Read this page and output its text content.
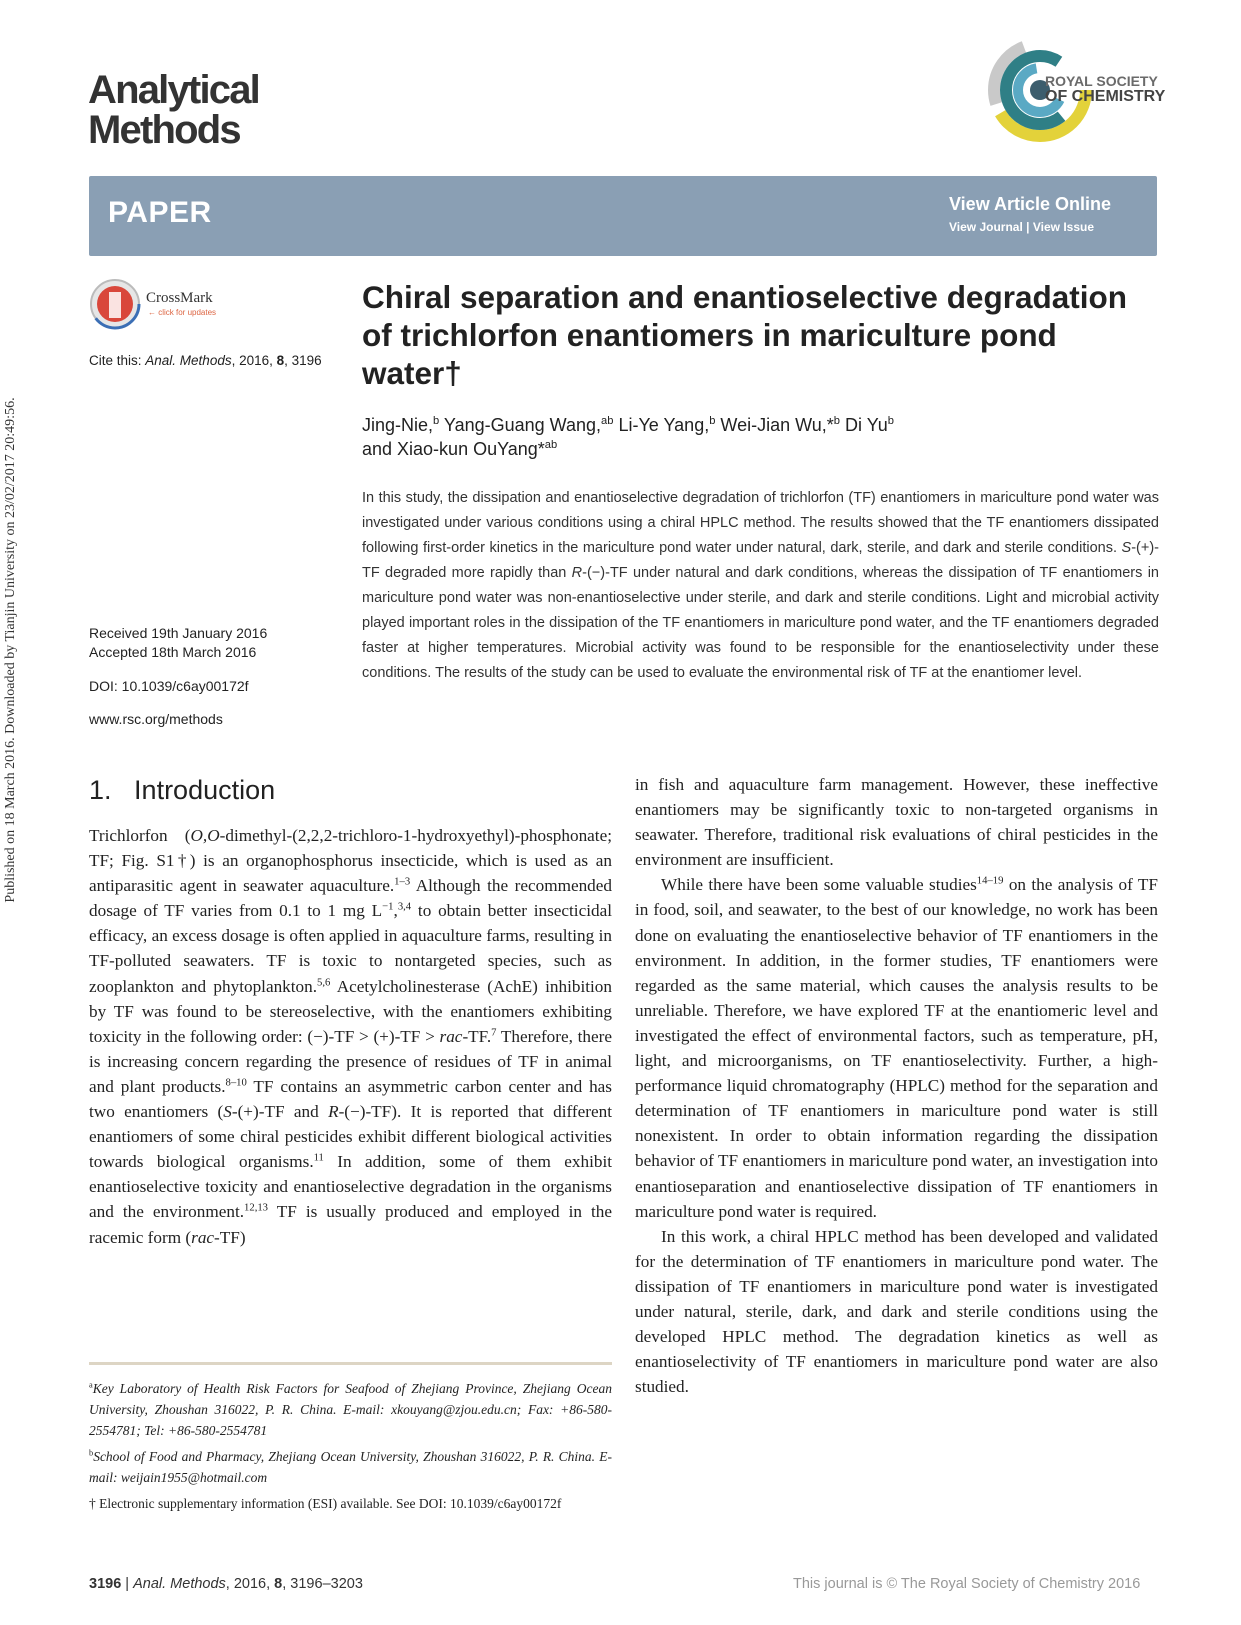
Published on 18 March 2016. Downloaded by Tianjin University on 23/02/2017 20:49:56.
Analytical
Methods
ROYAL SOCIETY
OF CHEMISTRY
PAPER	View Article Online
View Journal | View Issue
CrossMark
← click for updates
Cite this: Anal. Methods, 2016, 8, 3196
Chiral separation and enantioselective degradation of trichlorfon enantiomers in mariculture pond water†
Jing-Nie,$^b$ Yang-Guang Wang,$^{ab}$ Li-Ye Yang,$^b$ Wei-Jian Wu,*$^b$ Di Yu$^b$
and Xiao-kun OuYang*$^{ab}$
In this study, the dissipation and enantioselective degradation of trichlorfon (TF) enantiomers in mariculture pond water was investigated under various conditions using a chiral HPLC method. The results showed that the TF enantiomers dissipated following first-order kinetics in the mariculture pond water under natural, dark, sterile, and dark and sterile conditions. S-(+)-TF degraded more rapidly than R-(−)-TF under natural and dark conditions, whereas the dissipation of TF enantiomers in mariculture pond water was non-enantioselective under sterile, and dark and sterile conditions. Light and microbial activity played important roles in the dissipation of the TF enantiomers in mariculture pond water, and the TF enantiomers degraded faster at higher temperatures. Microbial activity was found to be responsible for the enantioselectivity under these conditions. The results of the study can be used to evaluate the environmental risk of TF at the enantiomer level.
Received 19th January 2016
Accepted 18th March 2016
DOI: 10.1039/c6ay00172f
www.rsc.org/methods
1. Introduction
Trichlorfon (O,O-dimethyl-(2,2,2-trichloro-1-hydroxyethyl)-phosphonate; TF; Fig. S1†) is an organophosphorus insecticide, which is used as an antiparasitic agent in seawater aquaculture.$^{1-3}$ Although the recommended dosage of TF varies from 0.1 to 1 mg $L^{-1},^{3,4}$ to obtain better insecticidal efficacy, an excess dosage is often applied in aquaculture farms, resulting in TF-polluted seawaters. TF is toxic to nontargeted species, such as zooplankton and phytoplankton.$^{5,6}$ Acetylcholinesterase (AchE) inhibition by TF was found to be stereoselective, with the enantiomers exhibiting toxicity in the following order: (−)-TF > (+)-TF > rac-TF.$^7$ Therefore, there is increasing concern regarding the presence of residues of TF in animal and plant products.$^{8-10}$ TF contains an asymmetric carbon center and has two enantiomers (S-(+)-TF and R-(−)-TF). It is reported that different enantiomers of some chiral pesticides exhibit different biological activities towards biological organisms.$^{11}$ In addition, some of them exhibit enantioselective toxicity and enantioselective degradation in the organisms and the environment.$^{12,13}$ TF is usually produced and employed in the racemic form (rac-TF)

in fish and aquaculture farm management. However, these ineffective enantiomers may be significantly toxic to non-targeted organisms in seawater. Therefore, traditional risk evaluations of chiral pesticides in the environment are insufficient.

While there have been some valuable studies$^{14-19}$ on the analysis of TF in food, soil, and seawater, to the best of our knowledge, no work has been done on evaluating the enantioselective behavior of TF enantiomers in the environment. In addition, in the former studies, TF enantiomers were regarded as the same material, which causes the analysis results to be unreliable. Therefore, we have explored TF at the enantiomeric level and investigated the effect of environmental factors, such as temperature, pH, light, and microorganisms, on TF enantioselectivity. Further, a high-performance liquid chromatography (HPLC) method for the separation and determination of TF enantiomers in mariculture pond water is still nonexistent. In order to obtain information regarding the dissipation behavior of TF enantiomers in mariculture pond water, an investigation into enantioseparation and enantioselective dissipation of TF enantiomers in mariculture pond water is required.

In this work, a chiral HPLC method has been developed and validated for the determination of TF enantiomers in mariculture pond water. The dissipation of TF enantiomers in mariculture pond water is investigated under natural, sterile, dark, and dark and sterile conditions using the developed HPLC method. The degradation kinetics as well as enantioselectivity of TF enantiomers in mariculture pond water are also studied.

$^a$Key Laboratory of Health Risk Factors for Seafood of Zhejiang Province, Zhejiang Ocean University, Zhoushan 316022, P. R. China. E-mail: xkouyang@zjou.edu.cn; Fax: +86-580-2554781; Tel: +86-580-2554781

$^b$School of Food and Pharmacy, Zhejiang Ocean University, Zhoushan 316022, P. R. China. E-mail: weijain1955@hotmail.com

† Electronic supplementary information (ESI) available. See DOI: 10.1039/c6ay00172f

3196 | Anal. Methods, 2016, 8, 3196–3203	This journal is © The Royal Society of Chemistry 2016
